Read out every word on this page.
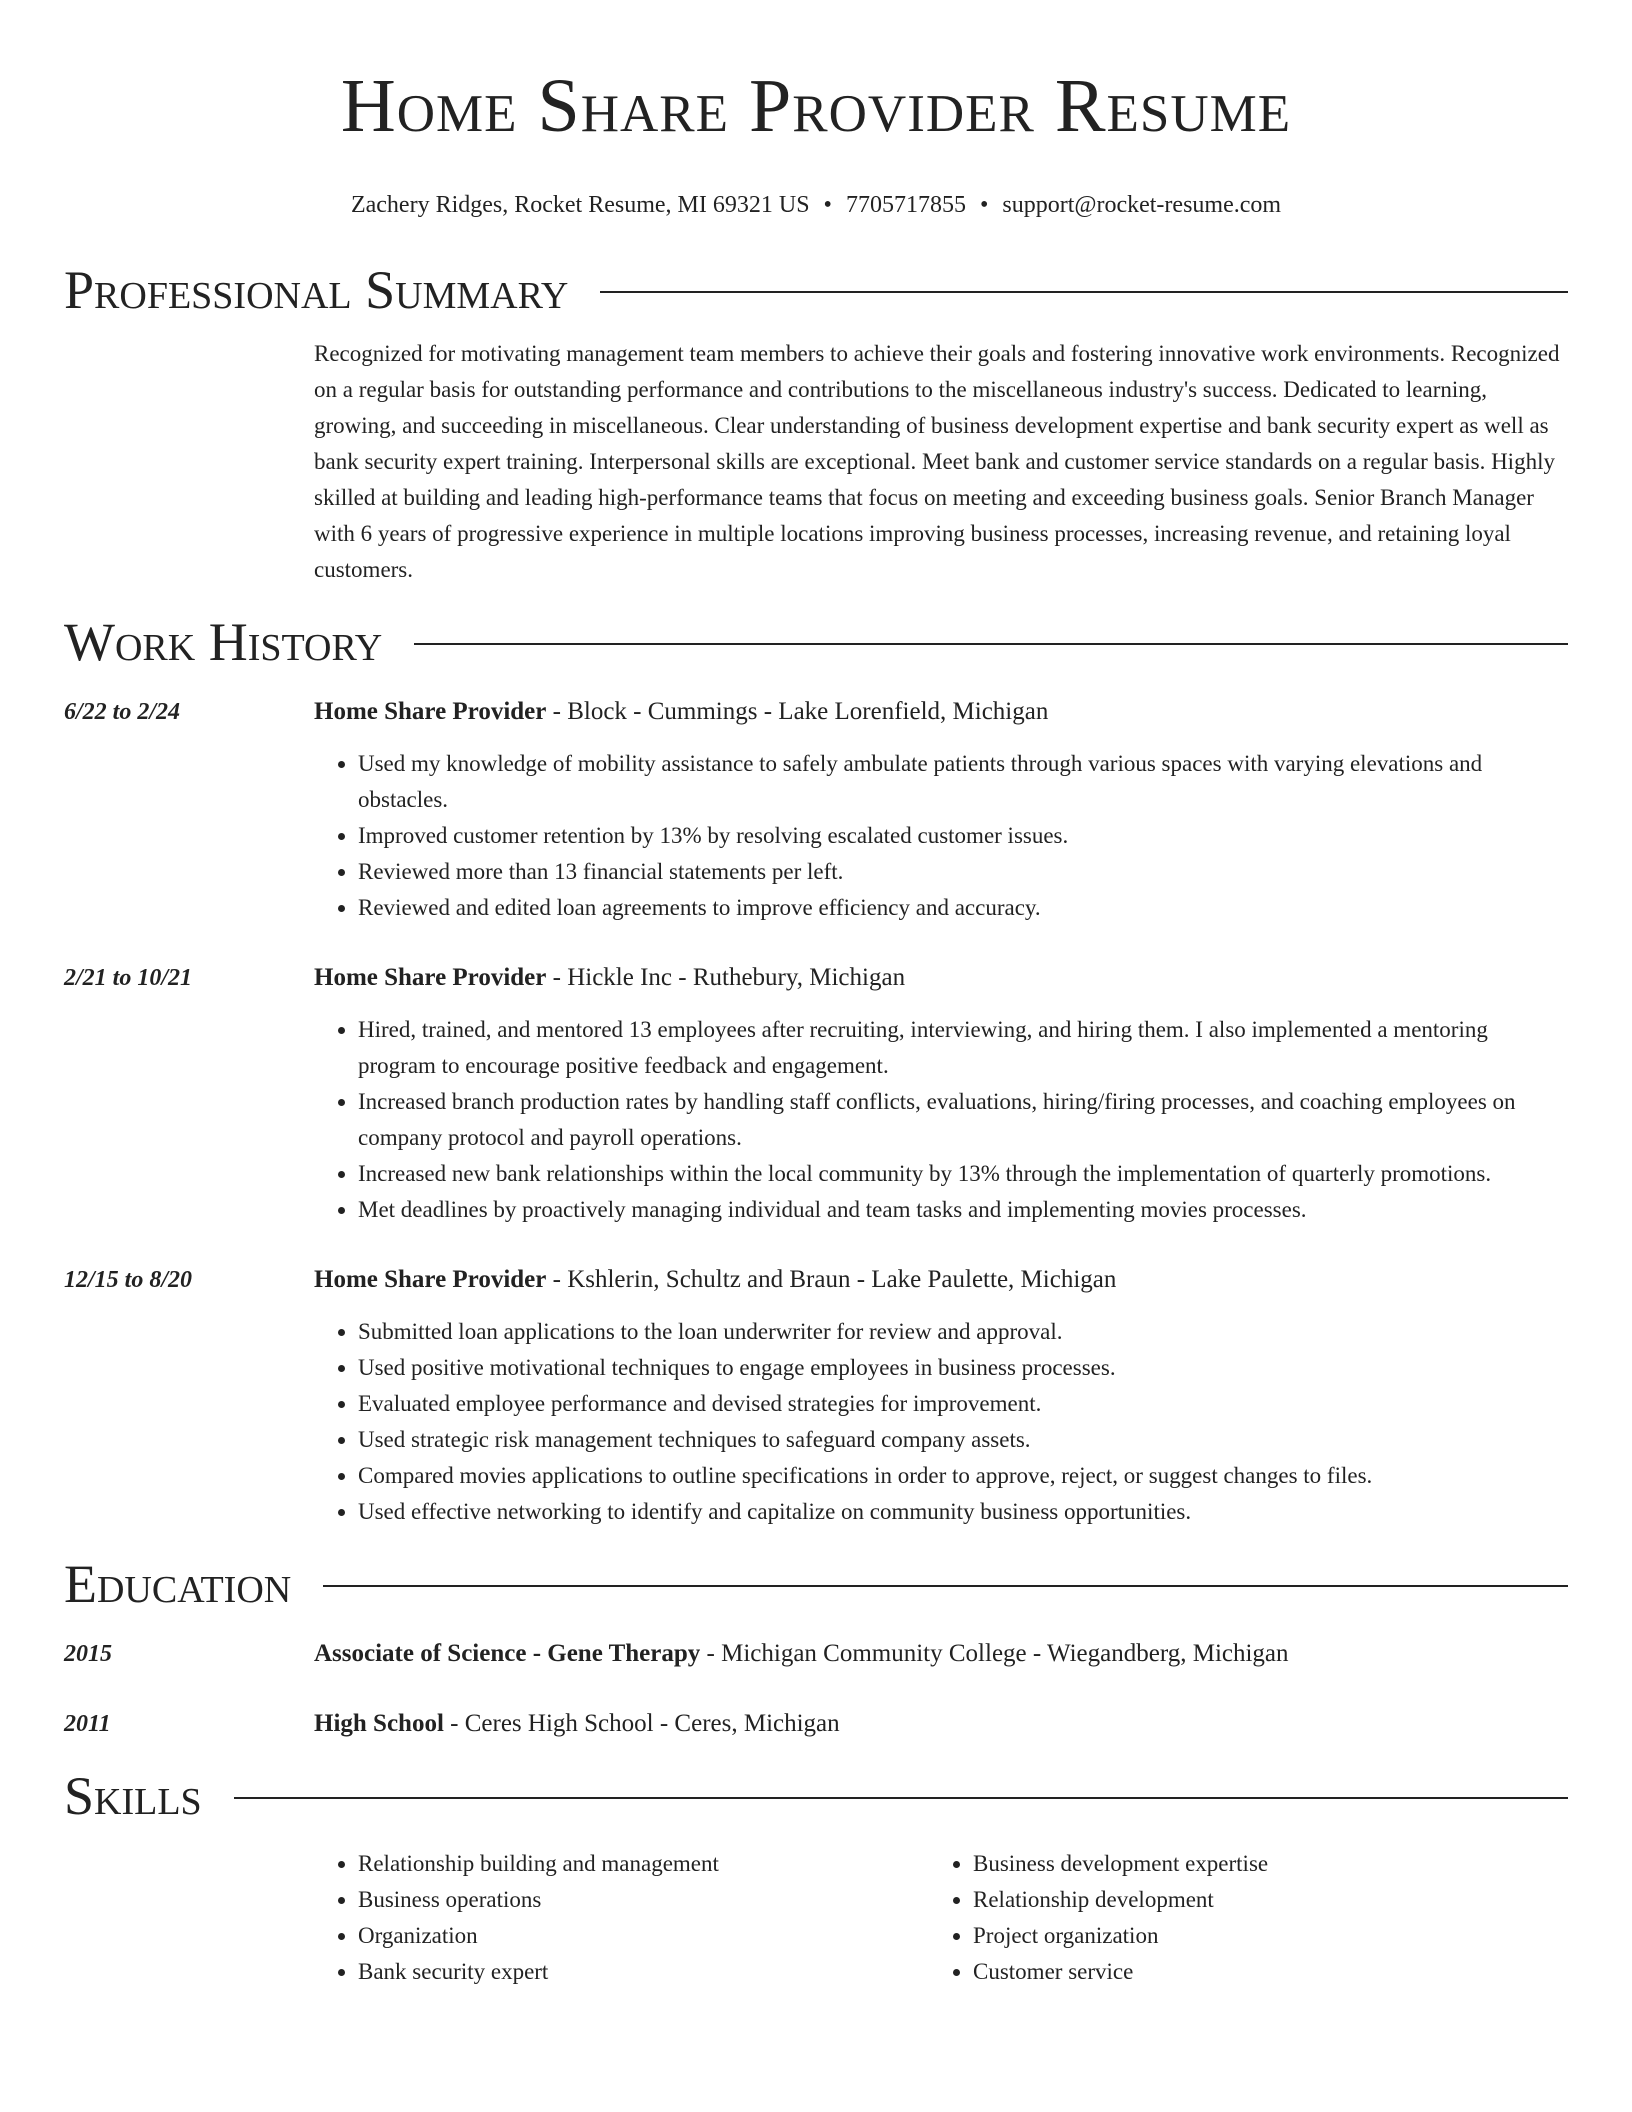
Home Share Provider Resume
Zachery Ridges, Rocket Resume, MI 69321 US • 7705717855 • support@rocket-resume.com
Professional Summary
Recognized for motivating management team members to achieve their goals and fostering innovative work environments. Recognized on a regular basis for outstanding performance and contributions to the miscellaneous industry's success. Dedicated to learning, growing, and succeeding in miscellaneous. Clear understanding of business development expertise and bank security expert as well as bank security expert training. Interpersonal skills are exceptional. Meet bank and customer service standards on a regular basis. Highly skilled at building and leading high-performance teams that focus on meeting and exceeding business goals. Senior Branch Manager with 6 years of progressive experience in multiple locations improving business processes, increasing revenue, and retaining loyal customers.
Work History
6/22 to 2/24	Home Share Provider - Block - Cummings - Lake Lorenfield, Michigan
• Used my knowledge of mobility assistance to safely ambulate patients through various spaces with varying elevations and obstacles.
• Improved customer retention by 13% by resolving escalated customer issues.
• Reviewed more than 13 financial statements per left.
• Reviewed and edited loan agreements to improve efficiency and accuracy.
2/21 to 10/21	Home Share Provider - Hickle Inc - Ruthebury, Michigan
• Hired, trained, and mentored 13 employees after recruiting, interviewing, and hiring them. I also implemented a mentoring program to encourage positive feedback and engagement.
• Increased branch production rates by handling staff conflicts, evaluations, hiring/firing processes, and coaching employees on company protocol and payroll operations.
• Increased new bank relationships within the local community by 13% through the implementation of quarterly promotions.
• Met deadlines by proactively managing individual and team tasks and implementing movies processes.
12/15 to 8/20	Home Share Provider - Kshlerin, Schultz and Braun - Lake Paulette, Michigan
• Submitted loan applications to the loan underwriter for review and approval.
• Used positive motivational techniques to engage employees in business processes.
• Evaluated employee performance and devised strategies for improvement.
• Used strategic risk management techniques to safeguard company assets.
• Compared movies applications to outline specifications in order to approve, reject, or suggest changes to files.
• Used effective networking to identify and capitalize on community business opportunities.
Education
2015	Associate of Science - Gene Therapy - Michigan Community College - Wiegandberg, Michigan
2011	High School - Ceres High School - Ceres, Michigan
Skills
• Relationship building and management
• Business operations
• Organization
• Bank security expert
• Business development expertise
• Relationship development
• Project organization
• Customer service
